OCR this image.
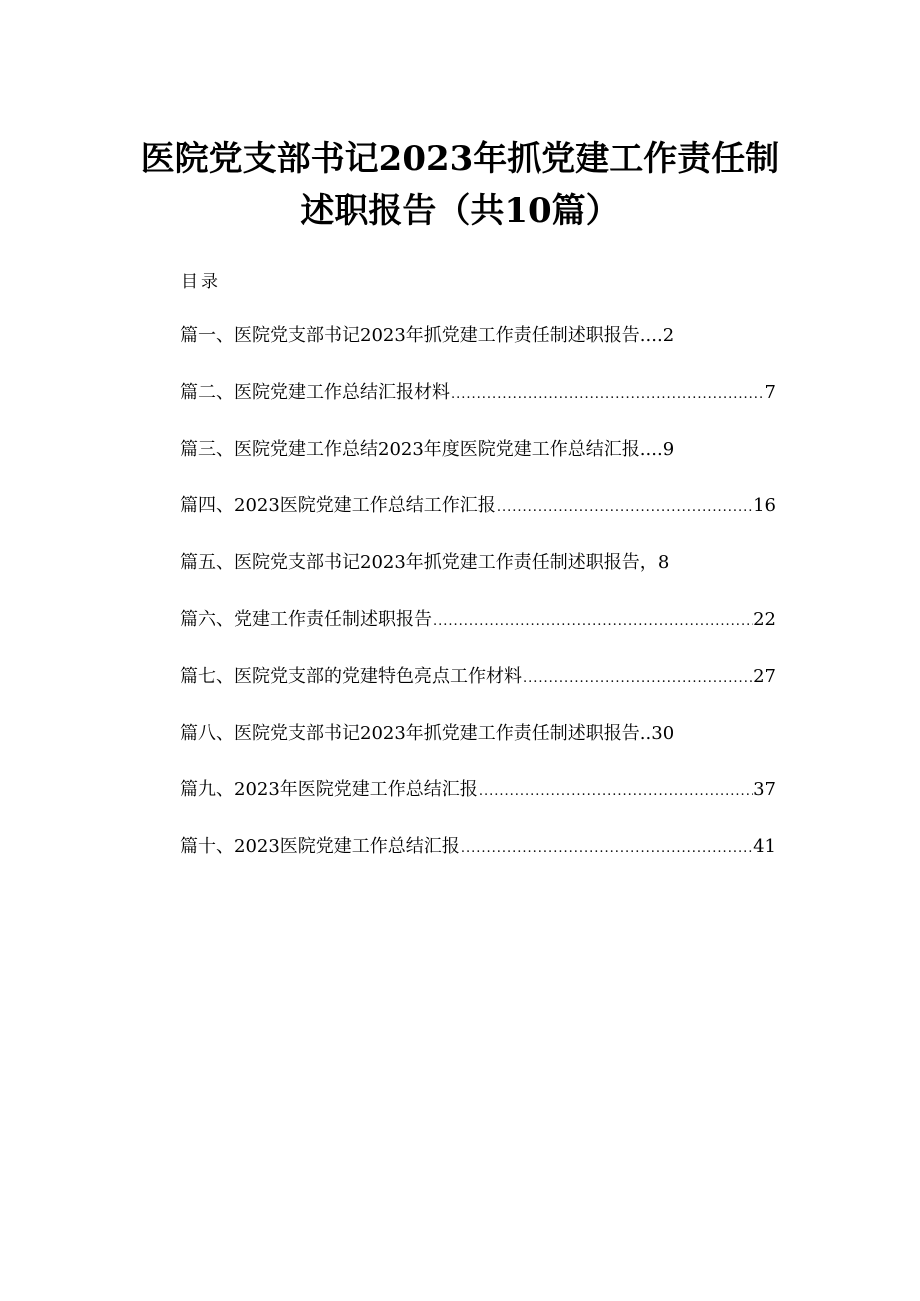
医院党支部书记2023年抓党建工作责任制
述职报告（共10篇）
目录
篇一、医院党支部书记2023年抓党建工作责任制述职报告.... 2
篇二、医院党建工作总结汇报材料 .....	7
篇三、医院党建工作总结2023年度医院党建工作总结汇报.... 9
篇四、2023医院党建工作总结工作汇报 .....	16
篇五、医院党支部书记2023年抓党建工作责任制述职报告， 8
篇六、党建工作责任制述职报告 .....	22
篇七、医院党支部的党建特色亮点工作材料 .....	27
篇八、医院党支部书记2023年抓党建工作责任制述职报告.. 30
篇九、2023年医院党建工作总结汇报 .....	37
篇十、2023医院党建工作总结汇报 .....	41
